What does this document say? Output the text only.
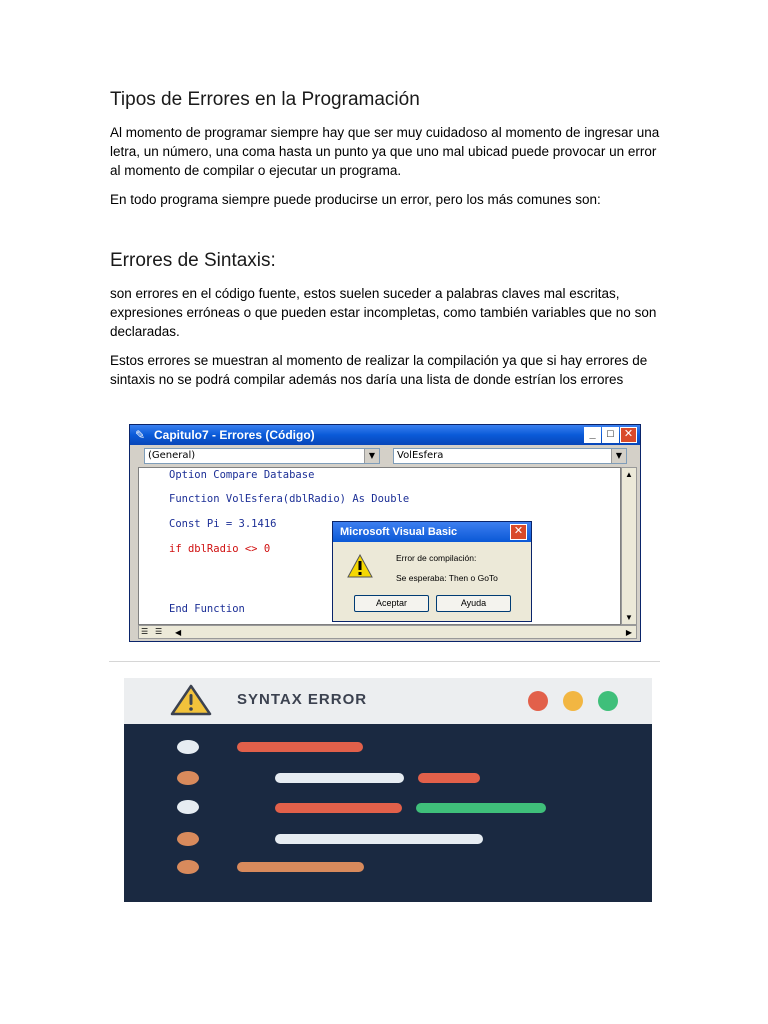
Tipos de Errores en la Programación

Al momento de programar siempre hay que ser muy cuidadoso al momento de ingresar una letra, un número, una coma hasta un punto ya que uno mal ubicad puede provocar un error al momento de compilar o ejecutar un programa.

En todo programa siempre puede producirse un error, pero los más comunes son:

Errores de Sintaxis:

son errores en el código fuente, estos suelen suceder a palabras claves mal escritas, expresiones erróneas o que pueden estar incompletas, como también variables que no son declaradas.

Estos errores se muestran al momento de realizar la compilación ya que si hay errores de sintaxis no se podrá compilar además nos daría una lista de donde estrían los errores

✎ Capitulo7 - Errores (Código)	_	□ ✕
(General)	▼	VolEsfera	▼
Option Compare Database
Function VolEsfera(dblRadio) As Double
Const Pi = 3.1416
if dblRadio <> 0
End Function
▲
▼
☰ ☰ ◀	▶
Microsoft Visual Basic	✕
Error de compilación:
Se esperaba: Then o GoTo
Aceptar	Ayuda
SYNTAX ERROR
